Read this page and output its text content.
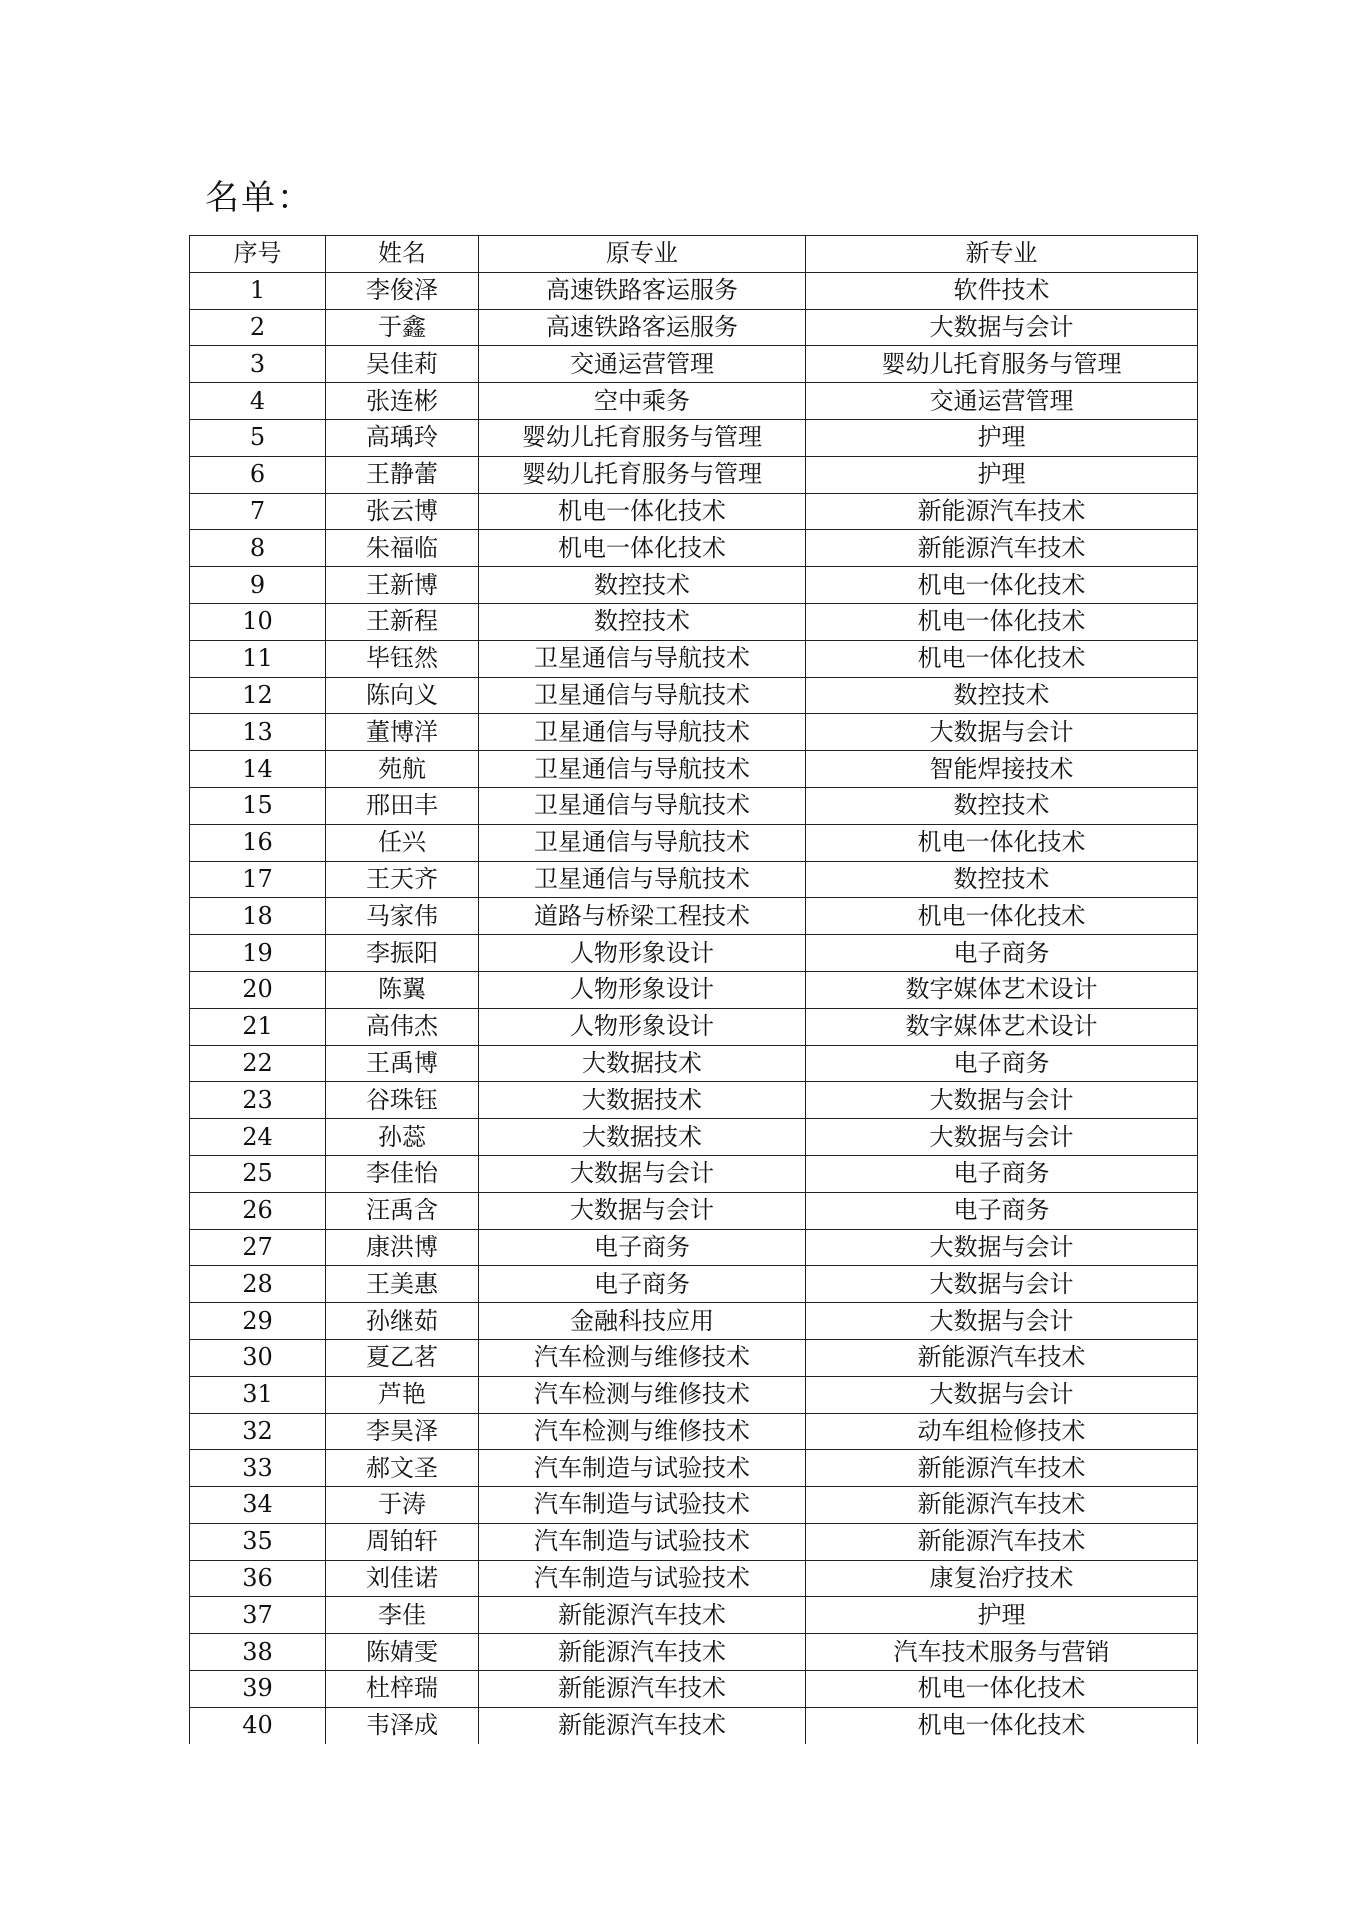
名单：
序号	姓名	原专业	新专业
1	李俊泽	高速铁路客运服务	软件技术
2	于鑫	高速铁路客运服务	大数据与会计
3	吴佳莉	交通运营管理	婴幼儿托育服务与管理
4	张连彬	空中乘务	交通运营管理
5	高瑀玲	婴幼儿托育服务与管理	护理
6	王静蕾	婴幼儿托育服务与管理	护理
7	张云博	机电一体化技术	新能源汽车技术
8	朱福临	机电一体化技术	新能源汽车技术
9	王新博	数控技术	机电一体化技术
10	王新程	数控技术	机电一体化技术
11	毕钰然	卫星通信与导航技术	机电一体化技术
12	陈向义	卫星通信与导航技术	数控技术
13	董博洋	卫星通信与导航技术	大数据与会计
14	苑航	卫星通信与导航技术	智能焊接技术
15	邢田丰	卫星通信与导航技术	数控技术
16	任兴	卫星通信与导航技术	机电一体化技术
17	王天齐	卫星通信与导航技术	数控技术
18	马家伟	道路与桥梁工程技术	机电一体化技术
19	李振阳	人物形象设计	电子商务
20	陈翼	人物形象设计	数字媒体艺术设计
21	高伟杰	人物形象设计	数字媒体艺术设计
22	王禹博	大数据技术	电子商务
23	谷珠钰	大数据技术	大数据与会计
24	孙蕊	大数据技术	大数据与会计
25	李佳怡	大数据与会计	电子商务
26	汪禹含	大数据与会计	电子商务
27	康洪博	电子商务	大数据与会计
28	王美惠	电子商务	大数据与会计
29	孙继茹	金融科技应用	大数据与会计
30	夏乙茗	汽车检测与维修技术	新能源汽车技术
31	芦艳	汽车检测与维修技术	大数据与会计
32	李昊泽	汽车检测与维修技术	动车组检修技术
33	郝文圣	汽车制造与试验技术	新能源汽车技术
34	于涛	汽车制造与试验技术	新能源汽车技术
35	周铂轩	汽车制造与试验技术	新能源汽车技术
36	刘佳诺	汽车制造与试验技术	康复治疗技术
37	李佳	新能源汽车技术	护理
38	陈婧雯	新能源汽车技术	汽车技术服务与营销
39	杜梓瑞	新能源汽车技术	机电一体化技术
40	韦泽成	新能源汽车技术	机电一体化技术
